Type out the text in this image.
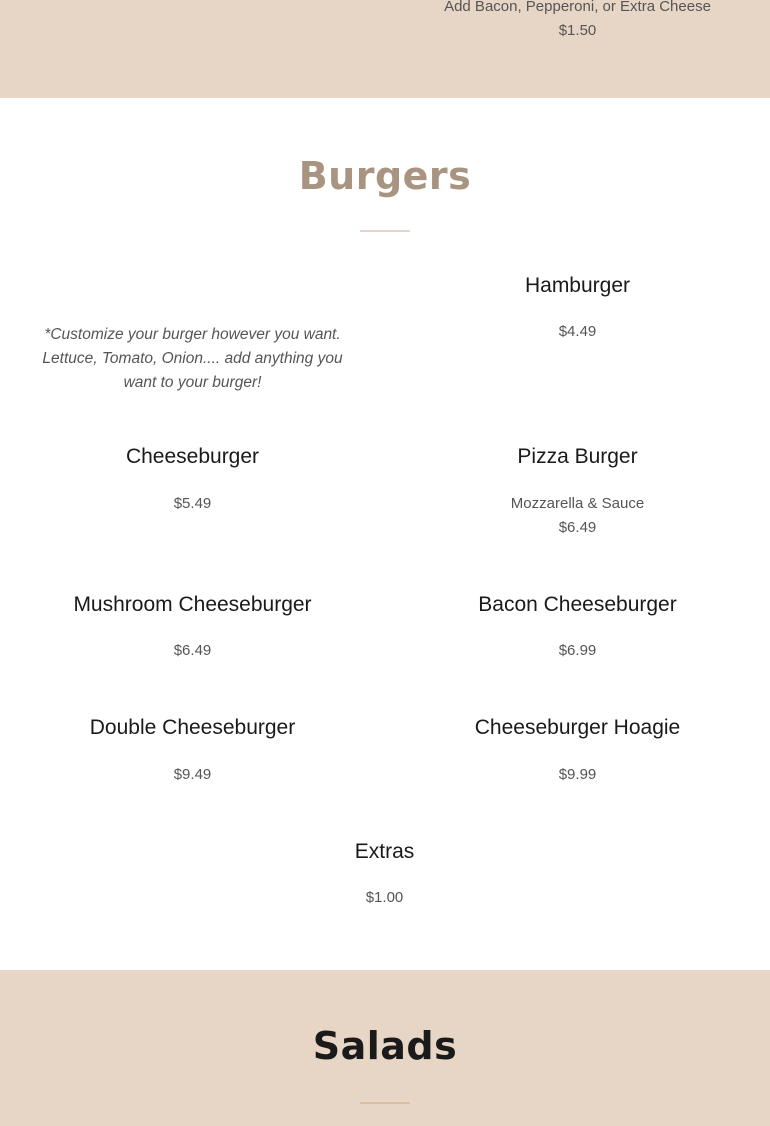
Add Bacon, Pepperoni, or Extra Cheese
$1.50
Burgers
*Customize your burger however you want. Lettuce, Tomato, Onion.... add anything you want to your burger!
Hamburger
$4.49
Cheeseburger
$5.49
Pizza Burger
Mozzarella & Sauce
$6.49
Mushroom Cheeseburger
$6.49
Bacon Cheeseburger
$6.99
Double Cheeseburger
$9.49
Cheeseburger Hoagie
$9.99
Extras
$1.00
Salads
